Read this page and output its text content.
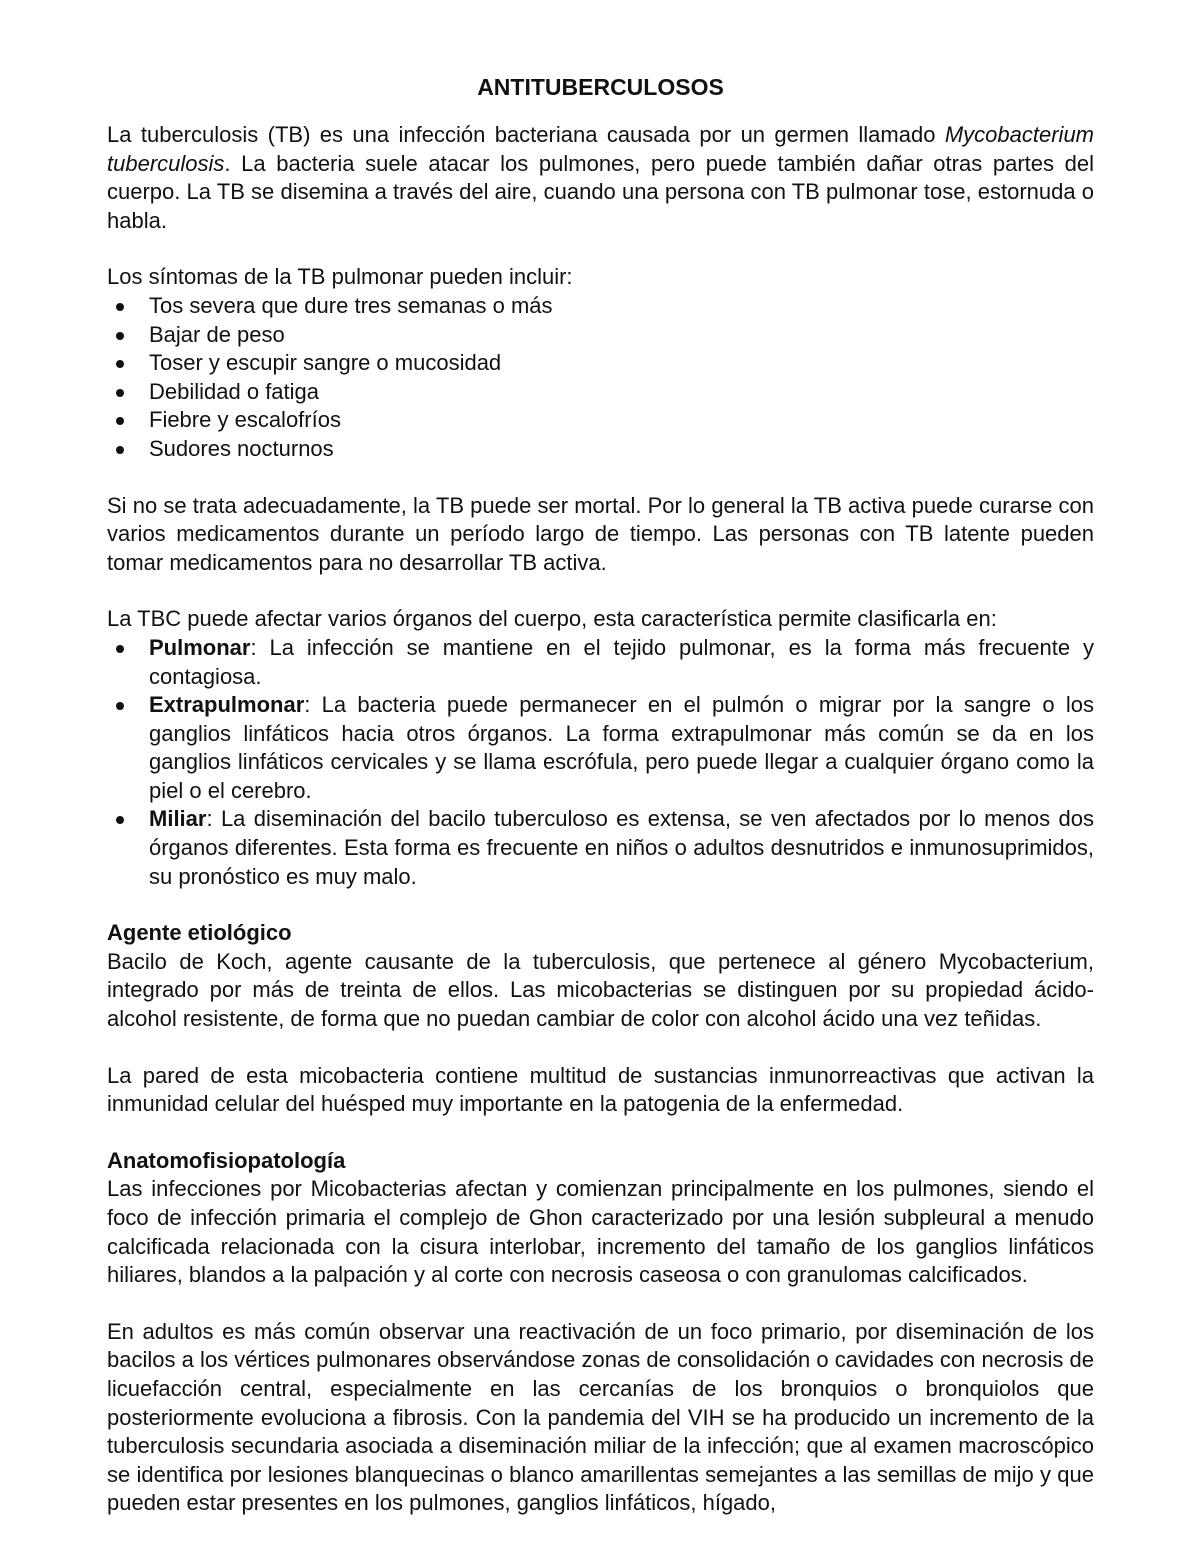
ANTITUBERCULOSOS

La tuberculosis (TB) es una infección bacteriana causada por un germen llamado Mycobacterium tuberculosis. La bacteria suele atacar los pulmones, pero puede también dañar otras partes del cuerpo. La TB se disemina a través del aire, cuando una persona con TB pulmonar tose, estornuda o habla.

Los síntomas de la TB pulmonar pueden incluir:

Tos severa que dure tres semanas o más
Bajar de peso
Toser y escupir sangre o mucosidad
Debilidad o fatiga
Fiebre y escalofríos
Sudores nocturnos

Si no se trata adecuadamente, la TB puede ser mortal. Por lo general la TB activa puede curarse con varios medicamentos durante un período largo de tiempo. Las personas con TB latente pueden tomar medicamentos para no desarrollar TB activa.

La TBC puede afectar varios órganos del cuerpo, esta característica permite clasificarla en:

Pulmonar: La infección se mantiene en el tejido pulmonar, es la forma más frecuente y contagiosa.
Extrapulmonar: La bacteria puede permanecer en el pulmón o migrar por la sangre o los ganglios linfáticos hacia otros órganos. La forma extrapulmonar más común se da en los ganglios linfáticos cervicales y se llama escrófula, pero puede llegar a cualquier órgano como la piel o el cerebro.
Miliar: La diseminación del bacilo tuberculoso es extensa, se ven afectados por lo menos dos órganos diferentes. Esta forma es frecuente en niños o adultos desnutridos e inmunosuprimidos, su pronóstico es muy malo.
Agente etiológico

Bacilo de Koch, agente causante de la tuberculosis, que pertenece al género Mycobacterium, integrado por más de treinta de ellos. Las micobacterias se distinguen por su propiedad ácido-alcohol resistente, de forma que no puedan cambiar de color con alcohol ácido una vez teñidas.

La pared de esta micobacteria contiene multitud de sustancias inmunorreactivas que activan la inmunidad celular del huésped muy importante en la patogenia de la enfermedad.

Anatomofisiopatología

Las infecciones por Micobacterias afectan y comienzan principalmente en los pulmones, siendo el foco de infección primaria el complejo de Ghon caracterizado por una lesión subpleural a menudo calcificada relacionada con la cisura interlobar, incremento del tamaño de los ganglios linfáticos hiliares, blandos a la palpación y al corte con necrosis caseosa o con granulomas calcificados.

En adultos es más común observar una reactivación de un foco primario, por diseminación de los bacilos a los vértices pulmonares observándose zonas de consolidación o cavidades con necrosis de licuefacción central, especialmente en las cercanías de los bronquios o bronquiolos que posteriormente evoluciona a fibrosis. Con la pandemia del VIH se ha producido un incremento de la tuberculosis secundaria asociada a diseminación miliar de la infección; que al examen macroscópico se identifica por lesiones blanquecinas o blanco amarillentas semejantes a las semillas de mijo y que pueden estar presentes en los pulmones, ganglios linfáticos, hígado,
